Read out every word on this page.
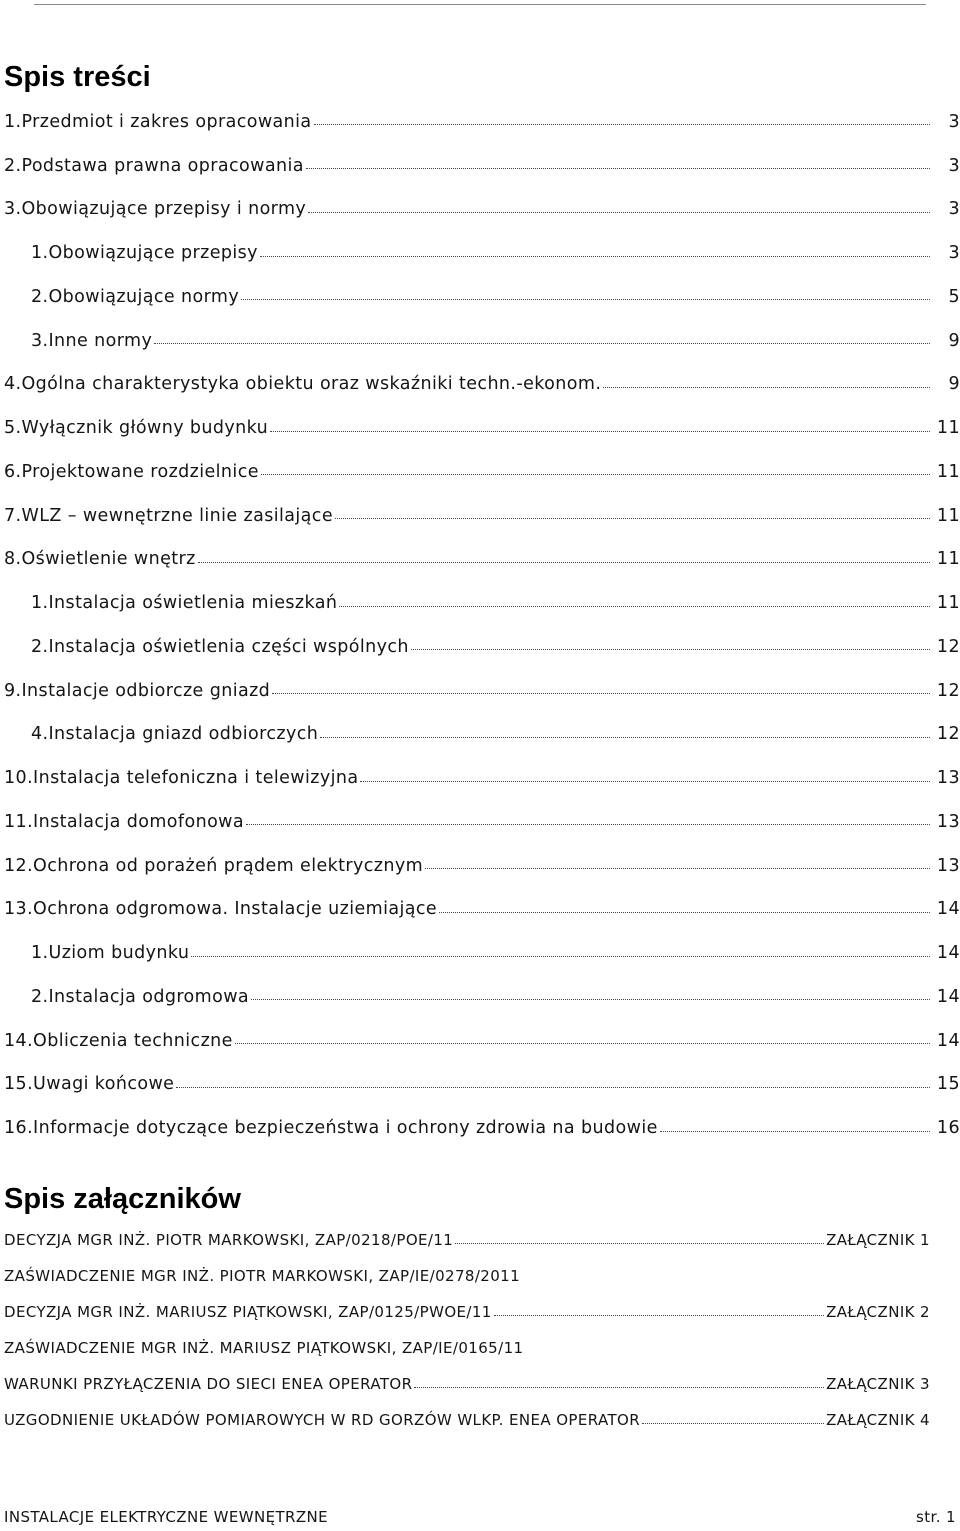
Spis treści
1.Przedmiot i zakres opracowania	3
2.Podstawa prawna opracowania	3
3.Obowiązujące przepisy i normy	3
1.Obowiązujące przepisy	3
2.Obowiązujące normy	5
3.Inne normy	9
4.Ogólna charakterystyka obiektu oraz wskaźniki techn.-ekonom.	9
5.Wyłącznik główny budynku	11
6.Projektowane rozdzielnice	11
7.WLZ – wewnętrzne linie zasilające	11
8.Oświetlenie wnętrz	11
1.Instalacja oświetlenia mieszkań	11
2.Instalacja oświetlenia części wspólnych	12
9.Instalacje odbiorcze gniazd	12
4.Instalacja gniazd odbiorczych	12
10.Instalacja telefoniczna i telewizyjna	13
11.Instalacja domofonowa	13
12.Ochrona od porażeń prądem elektrycznym	13
13.Ochrona odgromowa. Instalacje uziemiające	14
1.Uziom budynku	14
2.Instalacja odgromowa	14
14.Obliczenia techniczne	14
15.Uwagi końcowe	15
16.Informacje dotyczące bezpieczeństwa i ochrony zdrowia na budowie	16
Spis załączników
DECYZJA MGR INŻ. PIOTR MARKOWSKI, ZAP/0218/POE/11	ZAŁĄCZNIK 1
ZAŚWIADCZENIE MGR INŻ. PIOTR MARKOWSKI, ZAP/IE/0278/2011
DECYZJA MGR INŻ. MARIUSZ PIĄTKOWSKI, ZAP/0125/PWOE/11	ZAŁĄCZNIK 2
ZAŚWIADCZENIE MGR INŻ. MARIUSZ PIĄTKOWSKI, ZAP/IE/0165/11
WARUNKI PRZYŁĄCZENIA DO SIECI ENEA OPERATOR	ZAŁĄCZNIK 3
UZGODNIENIE UKŁADÓW POMIAROWYCH W RD GORZÓW WLKP. ENEA OPERATOR	ZAŁĄCZNIK 4
INSTALACJE ELEKTRYCZNE WEWNĘTRZNE	str. 1
